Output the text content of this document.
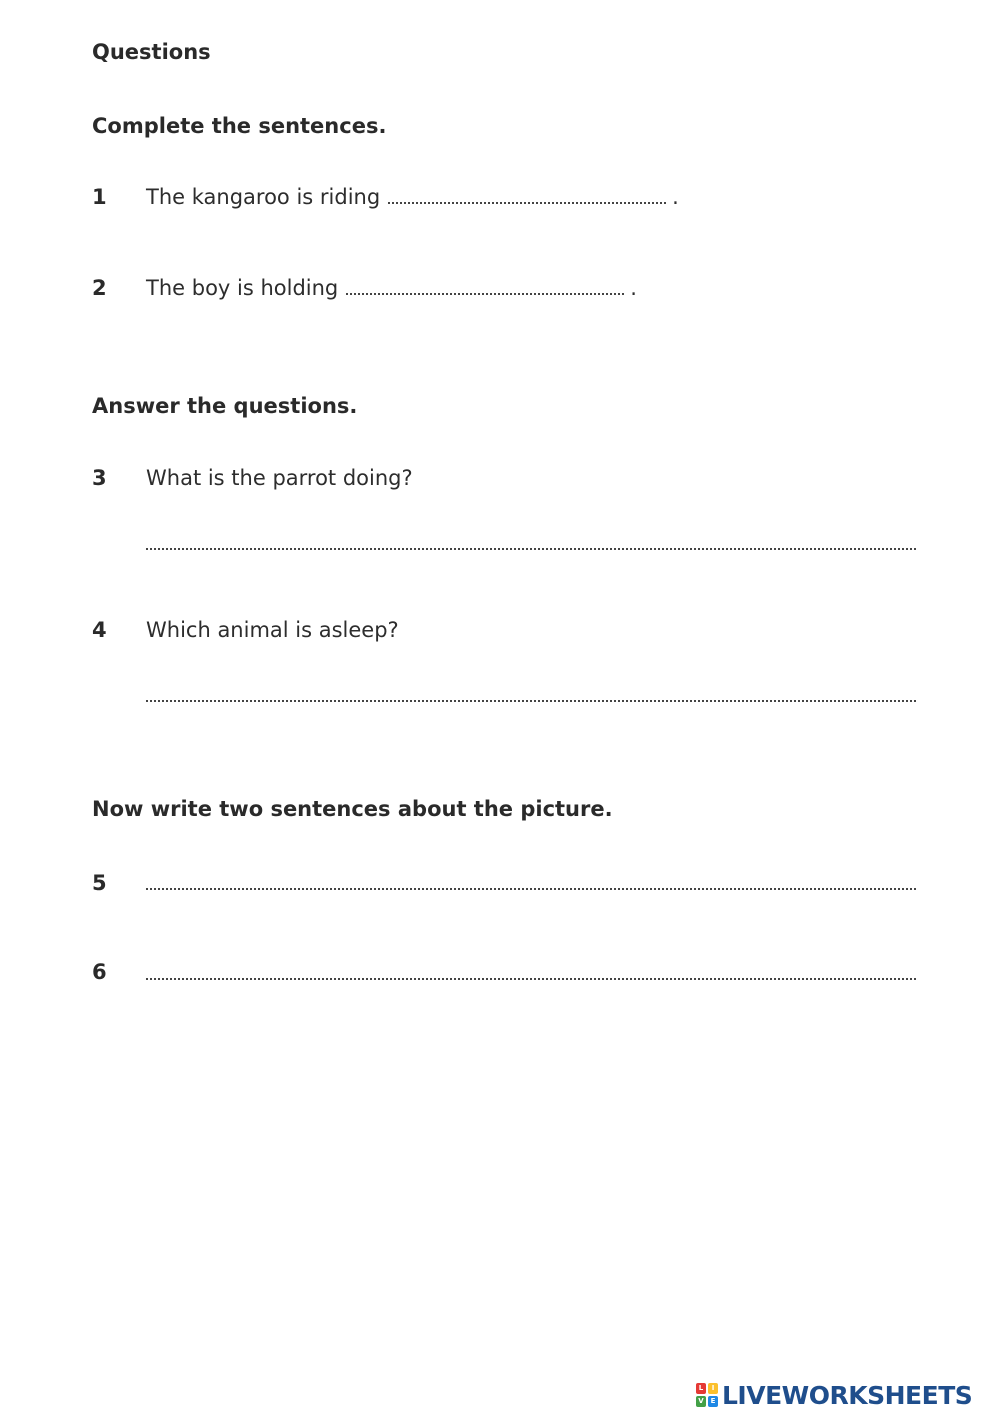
Questions
Complete the sentences.
1 The kangaroo is riding	.
2 The boy is holding	.
Answer the questions.
3 What is the parrot doing?
4 Which animal is asleep?
Now write two sentences about the picture.
5
6
L	I
V E LIVEWORKSHEETS
